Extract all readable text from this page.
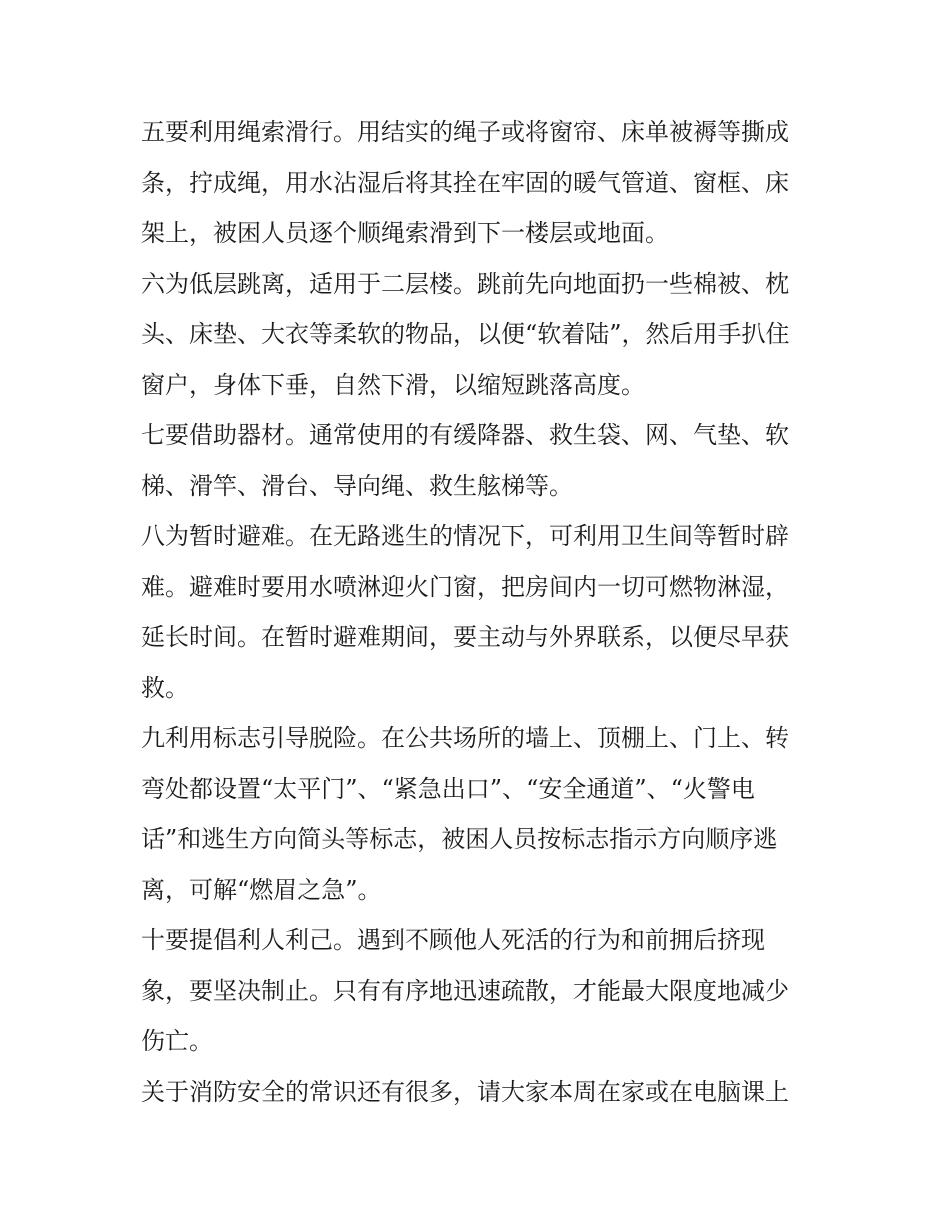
五要利用绳索滑行。用结实的绳子或将窗帘、床单被褥等撕成
条，拧成绳，用水沾湿后将其拴在牢固的暖气管道、窗框、床
架上，被困人员逐个顺绳索滑到下一楼层或地面。
六为低层跳离，适用于二层楼。跳前先向地面扔一些棉被、枕
头、床垫、大衣等柔软的物品，以便“软着陆”，然后用手扒住
窗户，身体下垂，自然下滑，以缩短跳落高度。
七要借助器材。通常使用的有缓降器、救生袋、网、气垫、软
梯、滑竿、滑台、导向绳、救生舷梯等。
八为暂时避难。在无路逃生的情况下，可利用卫生间等暂时辟
难。避难时要用水喷淋迎火门窗，把房间内一切可燃物淋湿，
延长时间。在暂时避难期间，要主动与外界联系，以便尽早获
救。
九利用标志引导脱险。在公共场所的墙上、顶棚上、门上、转
弯处都设置“太平门”、“紧急出口”、“安全通道”、“火警电
话”和逃生方向简头等标志，被困人员按标志指示方向顺序逃
离，可解“燃眉之急”。
十要提倡利人利己。遇到不顾他人死活的行为和前拥后挤现
象，要坚决制止。只有有序地迅速疏散，才能最大限度地减少
伤亡。
关于消防安全的常识还有很多，请大家本周在家或在电脑课上
